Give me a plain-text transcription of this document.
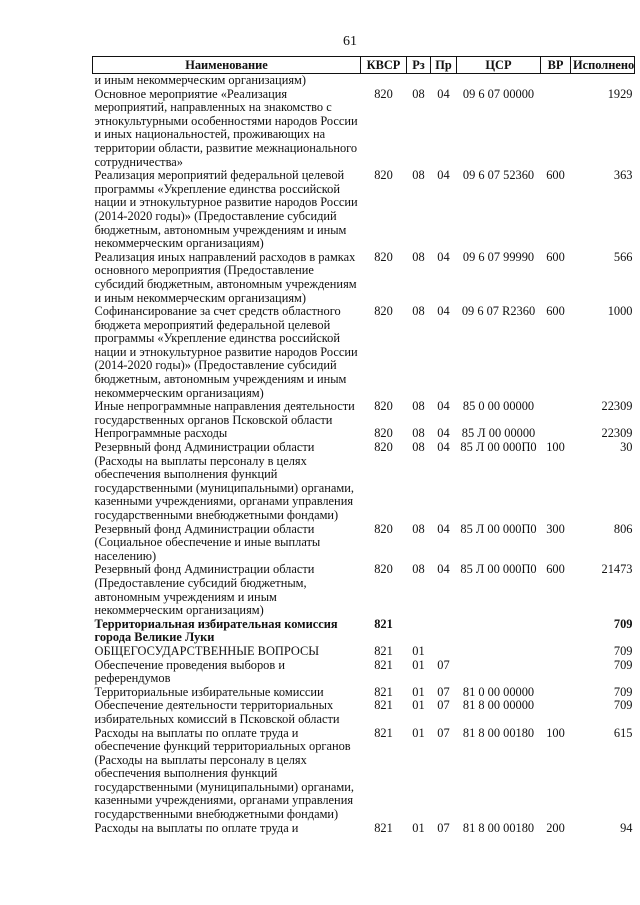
61
Наименование	КВСР	Рз	Пр	ЦСР	ВР	Исполнено
и иным некоммерческим организациям)						
Основное мероприятие «Реализация мероприятий, направленных на знакомство с этнокультурными особенностями народов России и иных национальностей, проживающих на территории области, развитие межнационального сотрудничества»	820	08	04	09 6 07 00000		1929
Реализация мероприятий федеральной целевой программы «Укрепление единства российской нации и этнокультурное развитие народов России (2014-2020 годы)» (Предоставление субсидий бюджетным, автономным учреждениям и иным некоммерческим организациям)	820	08	04	09 6 07 52360	600	363
Реализация иных направлений расходов в рамках основного мероприятия (Предоставление субсидий бюджетным, автономным учреждениям и иным некоммерческим организациям)	820	08	04	09 6 07 99990	600	566
Софинансирование за счет средств областного бюджета мероприятий федеральной целевой программы «Укрепление единства российской нации и этнокультурное развитие народов России (2014-2020 годы)» (Предоставление субсидий бюджетным, автономным учреждениям и иным некоммерческим организациям)	820	08	04	09 6 07 R2360	600	1000
Иные непрограммные направления деятельности государственных органов Псковской области	820	08	04	85 0 00 00000		22309
Непрограммные расходы	820	08	04	85 Л 00 00000		22309
Резервный фонд Администрации области (Расходы на выплаты персоналу в целях обеспечения выполнения функций государственными (муниципальными) органами, казенными учреждениями, органами управления государственными внебюджетными фондами)	820	08	04	85 Л 00 000П0	100	30
Резервный фонд Администрации области (Социальное обеспечение и иные выплаты населению)	820	08	04	85 Л 00 000П0	300	806
Резервный фонд Администрации области (Предоставление субсидий бюджетным, автономным учреждениям и иным некоммерческим организациям)	820	08	04	85 Л 00 000П0	600	21473
Территориальная избирательная комиссия города Великие Луки	821					709
ОБЩЕГОСУДАРСТВЕННЫЕ ВОПРОСЫ	821	01				709
Обеспечение проведения выборов и референдумов	821	01	07			709
Территориальные избирательные комиссии	821	01	07	81 0 00 00000		709
Обеспечение деятельности территориальных избирательных комиссий в Псковской области	821	01	07	81 8 00 00000		709
Расходы на выплаты по оплате труда и обеспечение функций территориальных органов (Расходы на выплаты персоналу в целях обеспечения выполнения функций государственными (муниципальными) органами, казенными учреждениями, органами управления государственными внебюджетными фондами)	821	01	07	81 8 00 00180	100	615
Расходы на выплаты по оплате труда и	821	01	07	81 8 00 00180	200	94
